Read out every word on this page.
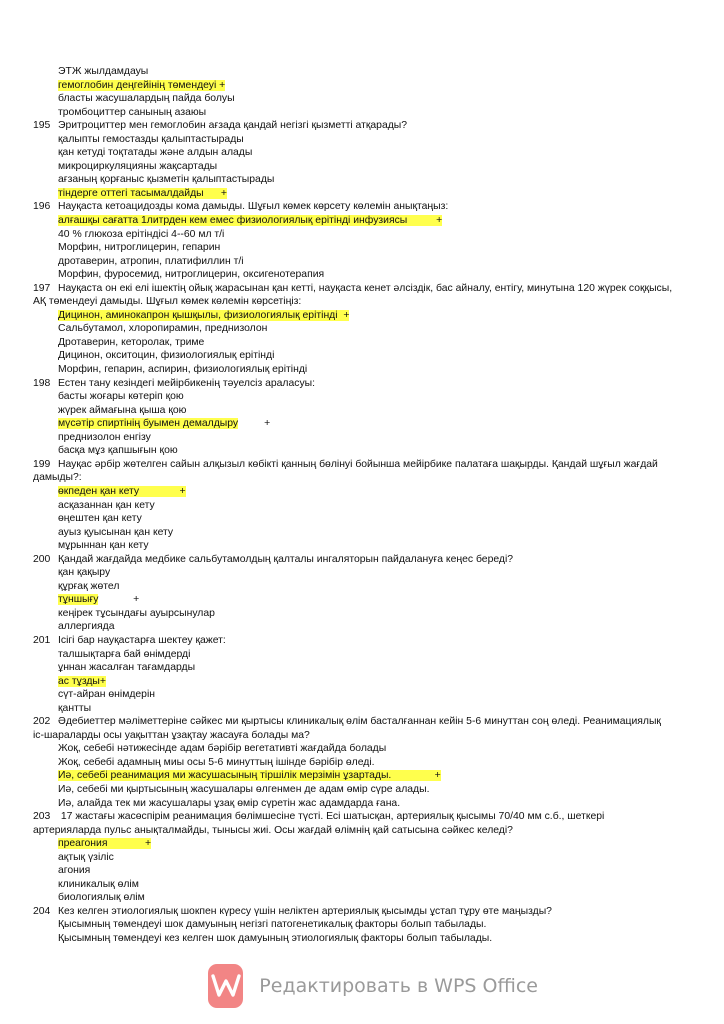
ЭТЖ жылдамдауы
гемоглобин деңгейінің төмендеуі +
бласты жасушалардың пайда болуы
тромбоциттер санының азаюы
195 Эритроциттер мен гемоглобин ағзада қандай негізгі қызметті атқарады?
қалыпты гемостазды қалыптастырады
қан кетуді тоқтатады және алдын алады
микроциркуляцияны жақсартады
ағзаның қорғаныс қызметін қалыптастырады
тіндерге оттегі тасымалдайды      +
196 Науқаста кетоацидозды кома дамыды. Шұғыл көмек көрсету көлемін анықтаңыз:
алғашқы сағатта 1литрден кем емес физиологиялық ерітінді инфузиясы          +
40 % глюкоза ерітіндісі 4--60 мл т/і
Морфин, нитроглицерин, гепарин
дротаверин, атропин, платифиллин т/і
Морфин, фуросемид, нитроглицерин, оксигенотерапия
197 Науқаста он екі елі ішектің ойық жарасынан қан кетті, науқаста кенет әлсіздік, бас айналу, ентігу, минутына 120 жүрек соққысы, АҚ төмендеуі дамыды. Шұғыл көмек көлемін көрсетіңіз:
Дицинон, аминокапрон қышқылы, физиологиялық ерітінді  +
Сальбутамол, хлоропирамин, преднизолон
Дротаверин, кеторолак, триме
Дицинон, окситоцин, физиологиялық ерітінді
Морфин, гепарин, аспирин, физиологиялық ерітінді
198 Естен тану кезіндегі мейірбикенің тәуелсіз араласуы:
басты жоғары көтеріп қою
жүрек аймағына қыша қою
мүсәтір спиртінің буымен демалдыру         +
преднизолон енгізу
басқа мұз қапшығын қою
199 Науқас әрбір жөтелген сайын алқызыл көбікті қанның бөлінуі бойынша мейірбике палатаға шақырды. Қандай шұғыл жағдай дамыды?:
өкпеден қан кету              +
асқазаннан қан кету
өңештен қан кету
ауыз қуысынан қан кету
мұрыннан қан кету
200 Қандай жағдайда медбике сальбутамолдың қалталы ингаляторын пайдалануға кеңес береді?
қан қақыру
құрғақ жөтел
тұншығу            +
кеңірек тұсындағы ауырсынулар
аллергияда
201 Ісігі бар науқастарға шектеу қажет:
талшықтарға бай өнімдерді
ұннан жасалған тағамдарды
ас тұзды+
сүт-айран өнімдерін
қантты
202 Әдебиеттер мәліметтеріне сәйкес ми қыртысы клиникалық өлім басталғаннан кейін 5-6 минуттан соң өледі. Реанимациялық іс-шараларды осы уақыттан ұзақтау жасауға болады ма?
Жоқ, себебі нәтижесінде адам бәрібір вегетативті жағдайда болады
Жоқ, себебі адамның миы осы 5-6 минуттың ішінде бәрібір өледі.
Иә, себебі реанимация ми жасушасының тіршілік мерзімін ұзартады.               +
Иә, себебі ми қыртысының жасушалары өлгенмен де адам өмір сүре алады.
Иә, алайда тек ми жасушалары ұзақ өмір сүретін жас адамдарда ғана.
203 17 жастағы жасөспірім реанимация бөлімшесіне түсті. Есі шатысқан, артериялық қысымы 70/40 мм с.б., шеткері артерияларда пульс анықталмайды, тынысы жиі. Осы жағдай өлімнің қай сатысына сәйкес келеді?
преагония             +
ақтық үзіліс
агония
клиникалық өлім
биологиялық өлім
204 Кез келген этиологиялық шокпен күресу үшін неліктен артериялық қысымды ұстап тұру өте маңызды?
Қысымның төмендеуі шок дамуының негізгі патогенетикалық факторы болып табылады.
Қысымның төмендеуі кез келген шок дамуының этиологиялық факторы болып табылады.
Редактировать в WPS Office
